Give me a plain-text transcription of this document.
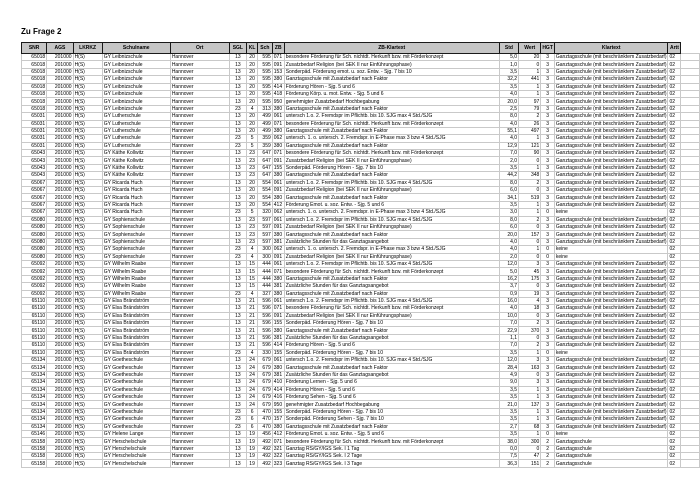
Zu Frage 2
SNR	AGS	LKRKZ	Schulname	Ort	SGL	KL	Sch	ZB	ZB-Klartext	Std	Wert	HGT	Klartext	Artt	
65018	201000	H(S)	GY Leibnizschule	Hannover	13	20	595	071	besondere Förderung für Sch. nichtdt. Herkunft bzw. mit Förderkonzept	5,0	20	3	Ganztagsschule (mit beschränktem Zusatzbedarf)	02	
65018	201000	H(S)	GY Leibnizschule	Hannover	13	20	595	091	Zusatzbedarf Religion (bei SEK II nur Einführungsphase)	1,0	0	3	Ganztagsschule (mit beschränktem Zusatzbedarf)	02	
65018	201000	H(S)	GY Leibnizschule	Hannover	13	20	595	153	Sonderpäd. Förderung emot. u. soz. Entw. - Sjg. 7 bis 10	3,5	1	3	Ganztagsschule (mit beschränktem Zusatzbedarf)	02	
65018	201000	H(S)	GY Leibnizschule	Hannover	13	20	595	380	Ganztagsschule mit Zusatzbedarf nach Faktor	32,2	441	3	Ganztagsschule (mit beschränktem Zusatzbedarf)	02	
65018	201000	H(S)	GY Leibnizschule	Hannover	13	20	595	414	Förderung Hören - Sjg. 5 und 6	3,5	1	3	Ganztagsschule (mit beschränktem Zusatzbedarf)	02	
65018	201000	H(S)	GY Leibnizschule	Hannover	13	20	595	418	Förderung Körp. u. mot. Entw. - Sjg. 5 und 6	4,0	1	3	Ganztagsschule (mit beschränktem Zusatzbedarf)	02	
65018	201000	H(S)	GY Leibnizschule	Hannover	13	20	595	950	genehmigter Zusatzbedarf Hochbegabung	20,0	97	3	Ganztagsschule (mit beschränktem Zusatzbedarf)	02	
65018	201000	H(S)	GY Leibnizschule	Hannover	23	4	313	380	Ganztagsschule mit Zusatzbedarf nach Faktor	2,5	79	3	Ganztagsschule (mit beschränktem Zusatzbedarf)	02	
65031	201000	H(S)	GY Lutherschule	Hannover	13	20	499	061	untersch 1.o. 2. Fremdspr im Pflichtb. bis 10. SJG max 4 Std./SJG	8,0	2	3	Ganztagsschule (mit beschränktem Zusatzbedarf)	02	
65031	201000	H(S)	GY Lutherschule	Hannover	13	20	499	071	besondere Förderung für Sch. nichtdt. Herkunft bzw. mit Förderkonzept	4,0	26	3	Ganztagsschule (mit beschränktem Zusatzbedarf)	02	
65031	201000	H(S)	GY Lutherschule	Hannover	13	20	499	380	Ganztagsschule mit Zusatzbedarf nach Faktor	55,1	497	3	Ganztagsschule (mit beschränktem Zusatzbedarf)	02	
65031	201000	H(S)	GY Lutherschule	Hannover	23	5	359	062	untersch. 1. o. untersch. 2. Fremdspr. in E-Phase max 3 bzw 4 Std./SJG	4,0	1	3	Ganztagsschule (mit beschränktem Zusatzbedarf)	02	
65031	201000	H(S)	GY Lutherschule	Hannover	23	5	359	380	Ganztagsschule mit Zusatzbedarf nach Faktor	12,9	121	3	Ganztagsschule (mit beschränktem Zusatzbedarf)	02	
65043	201000	H(S)	GY Käthe Kollwitz	Hannover	13	23	647	071	besondere Förderung für Sch. nichtdt. Herkunft bzw. mit Förderkonzept	7,0	90	3	Ganztagsschule (mit beschränktem Zusatzbedarf)	02	
65043	201000	H(S)	GY Käthe Kollwitz	Hannover	13	23	647	091	Zusatzbedarf Religion (bei SEK II nur Einführungsphase)	2,0	0	3	Ganztagsschule (mit beschränktem Zusatzbedarf)	02	
65043	201000	H(S)	GY Käthe Kollwitz	Hannover	13	23	647	155	Sonderpäd. Förderung Hören - Sjg. 7 bis 10	3,5	1	3	Ganztagsschule (mit beschränktem Zusatzbedarf)	02	
65043	201000	H(S)	GY Käthe Kollwitz	Hannover	13	23	647	380	Ganztagsschule mit Zusatzbedarf nach Faktor	44,2	348	3	Ganztagsschule (mit beschränktem Zusatzbedarf)	02	
65067	201000	H(S)	GY Ricarda Huch	Hannover	13	20	554	061	untersch 1.o. 2. Fremdspr im Pflichtb. bis 10. SJG max 4 Std./SJG	8,0	2	3	Ganztagsschule (mit beschränktem Zusatzbedarf)	02	
65067	201000	H(S)	GY Ricarda Huch	Hannover	13	20	554	091	Zusatzbedarf Religion (bei SEK II nur Einführungsphase)	6,0	0	3	Ganztagsschule (mit beschränktem Zusatzbedarf)	02	
65067	201000	H(S)	GY Ricarda Huch	Hannover	13	20	554	380	Ganztagsschule mit Zusatzbedarf nach Faktor	34,1	519	3	Ganztagsschule (mit beschränktem Zusatzbedarf)	02	
65067	201000	H(S)	GY Ricarda Huch	Hannover	13	20	554	412	Förderung Emot. u. soz. Entw. - Sjg. 5 und 6	3,5	1	3	Ganztagsschule (mit beschränktem Zusatzbedarf)	02	
65067	201000	H(S)	GY Ricarda Huch	Hannover	23	5	320	062	untersch. 1. o. untersch. 2. Fremdspr. in E-Phase max 3 bzw 4 Std./SJG	3,0	1	0	keine	02	
65080	201000	H(S)	GY Sophienschule	Hannover	13	23	597	061	untersch 1.o. 2. Fremdspr im Pflichtb. bis 10. SJG max 4 Std./SJG	8,0	2	3	Ganztagsschule (mit beschränktem Zusatzbedarf)	02	
65080	201000	H(S)	GY Sophienschule	Hannover	13	23	597	091	Zusatzbedarf Religion (bei SEK II nur Einführungsphase)	6,0	0	3	Ganztagsschule (mit beschränktem Zusatzbedarf)	02	
65080	201000	H(S)	GY Sophienschule	Hannover	13	23	597	380	Ganztagsschule mit Zusatzbedarf nach Faktor	20,0	157	3	Ganztagsschule (mit beschränktem Zusatzbedarf)	02	
65080	201000	H(S)	GY Sophienschule	Hannover	13	23	597	381	Zusätzliche Stunden für das Ganztagsangebot	4,0	0	3	Ganztagsschule (mit beschränktem Zusatzbedarf)	02	
65080	201000	H(S)	GY Sophienschule	Hannover	23	4	300	062	untersch. 1. o. untersch. 2. Fremdspr. in E-Phase max 3 bzw 4 Std./SJG	4,0	1	0	keine	02	
65080	201000	H(S)	GY Sophienschule	Hannover	23	4	300	091	Zusatzbedarf Religion (bei SEK II nur Einführungsphase)	2,0	0	0	keine	02	
65092	201000	H(S)	GY Wilhelm Raabe	Hannover	13	15	444	061	untersch 1.o. 2. Fremdspr im Pflichtb. bis 10. SJG max 4 Std./SJG	12,0	3	3	Ganztagsschule (mit beschränktem Zusatzbedarf)	02	
65092	201000	H(S)	GY Wilhelm Raabe	Hannover	13	15	444	071	besondere Förderung für Sch. nichtdt. Herkunft bzw. mit Förderkonzept	5,0	45	3	Ganztagsschule (mit beschränktem Zusatzbedarf)	02	
65092	201000	H(S)	GY Wilhelm Raabe	Hannover	13	15	444	380	Ganztagsschule mit Zusatzbedarf nach Faktor	16,2	175	3	Ganztagsschule (mit beschränktem Zusatzbedarf)	02	
65092	201000	H(S)	GY Wilhelm Raabe	Hannover	13	15	444	381	Zusätzliche Stunden für das Ganztagsangebot	3,7	0	3	Ganztagsschule (mit beschränktem Zusatzbedarf)	02	
65092	201000	H(S)	GY Wilhelm Raabe	Hannover	23	4	327	380	Ganztagsschule mit Zusatzbedarf nach Faktor	0,9	19	3	Ganztagsschule (mit beschränktem Zusatzbedarf)	02	
65110	201000	H(S)	GY Elsa Brändström	Hannover	13	21	596	061	untersch 1.o. 2. Fremdspr im Pflichtb. bis 10. SJG max 4 Std./SJG	16,0	4	3	Ganztagsschule (mit beschränktem Zusatzbedarf)	02	
65110	201000	H(S)	GY Elsa Brändström	Hannover	13	21	596	071	besondere Förderung für Sch. nichtdt. Herkunft bzw. mit Förderkonzept	4,0	18	3	Ganztagsschule (mit beschränktem Zusatzbedarf)	02	
65110	201000	H(S)	GY Elsa Brändström	Hannover	13	21	596	091	Zusatzbedarf Religion (bei SEK II nur Einführungsphase)	10,0	0	3	Ganztagsschule (mit beschränktem Zusatzbedarf)	02	
65110	201000	H(S)	GY Elsa Brändström	Hannover	13	21	596	155	Sonderpäd. Förderung Hören - Sjg. 7 bis 10	7,0	2	3	Ganztagsschule (mit beschränktem Zusatzbedarf)	02	
65110	201000	H(S)	GY Elsa Brändström	Hannover	13	21	596	380	Ganztagsschule mit Zusatzbedarf nach Faktor	22,9	370	3	Ganztagsschule (mit beschränktem Zusatzbedarf)	02	
65110	201000	H(S)	GY Elsa Brändström	Hannover	13	21	596	381	Zusätzliche Stunden für das Ganztagsangebot	1,1	0	3	Ganztagsschule (mit beschränktem Zusatzbedarf)	02	
65110	201000	H(S)	GY Elsa Brändström	Hannover	13	21	596	414	Förderung Hören - Sjg. 5 und 6	7,0	2	3	Ganztagsschule (mit beschränktem Zusatzbedarf)	02	
65110	201000	H(S)	GY Elsa Brändström	Hannover	23	4	330	155	Sonderpäd. Förderung Hören - Sjg. 7 bis 10	3,5	1	0	keine	02	
65134	201000	H(S)	GY Goetheschule	Hannover	13	24	679	061	untersch 1.o. 2. Fremdspr im Pflichtb. bis 10. SJG max 4 Std./SJG	12,0	3	3	Ganztagsschule (mit beschränktem Zusatzbedarf)	02	
65134	201000	H(S)	GY Goetheschule	Hannover	13	24	679	380	Ganztagsschule mit Zusatzbedarf nach Faktor	28,4	163	3	Ganztagsschule (mit beschränktem Zusatzbedarf)	02	
65134	201000	H(S)	GY Goetheschule	Hannover	13	24	679	381	Zusätzliche Stunden für das Ganztagsangebot	4,9	0	3	Ganztagsschule (mit beschränktem Zusatzbedarf)	02	
65134	201000	H(S)	GY Goetheschule	Hannover	13	24	679	410	Förderung Lernen - Sjg. 5 und 6	9,0	3	3	Ganztagsschule (mit beschränktem Zusatzbedarf)	02	
65134	201000	H(S)	GY Goetheschule	Hannover	13	24	679	414	Förderung Hören - Sjg. 5 und 6	3,5	1	3	Ganztagsschule (mit beschränktem Zusatzbedarf)	02	
65134	201000	H(S)	GY Goetheschule	Hannover	13	24	679	416	Förderung Sehen - Sjg. 5 und 6	3,5	1	3	Ganztagsschule (mit beschränktem Zusatzbedarf)	02	
65134	201000	H(S)	GY Goetheschule	Hannover	13	24	679	950	genehmigter Zusatzbedarf Hochbegabung	21,0	137	3	Ganztagsschule (mit beschränktem Zusatzbedarf)	02	
65134	201000	H(S)	GY Goetheschule	Hannover	23	6	470	155	Sonderpäd. Förderung Hören - Sjg. 7 bis 10	3,5	1	3	Ganztagsschule (mit beschränktem Zusatzbedarf)	02	
65134	201000	H(S)	GY Goetheschule	Hannover	23	6	470	157	Sonderpäd. Förderung Sehen - Sjg. 7 bis 10	3,5	1	3	Ganztagsschule (mit beschränktem Zusatzbedarf)	02	
65134	201000	H(S)	GY Goetheschule	Hannover	23	6	470	380	Ganztagsschule mit Zusatzbedarf nach Faktor	2,7	68	3	Ganztagsschule (mit beschränktem Zusatzbedarf)	02	
65146	201000	H(S)	GY Helene Lange	Hannover	13	19	456	412	Förderung Emot. u. soz. Entw. - Sjg. 5 und 6	3,5	1	0	keine	02	
65158	201000	H(S)	GY Herschelschule	Hannover	13	19	492	071	besondere Förderung für Sch. nichtdt. Herkunft bzw. mit Förderkonzept	38,0	300	2	Ganztagsschule	02	
65158	201000	H(S)	GY Herschelschule	Hannover	13	19	492	321	Ganztag RS/GY/IGS Sek. I 1 Tag	0,0	0	2	Ganztagsschule	02	
65158	201000	H(S)	GY Herschelschule	Hannover	13	19	492	322	Ganztag RS/GY/IGS Sek. I 2 Tage	7,5	47	2	Ganztagsschule	02	
65158	201000	H(S)	GY Herschelschule	Hannover	13	19	492	323	Ganztag RS/GY/IGS Sek. I 3 Tage	36,3	151	2	Ganztagsschule	02	
